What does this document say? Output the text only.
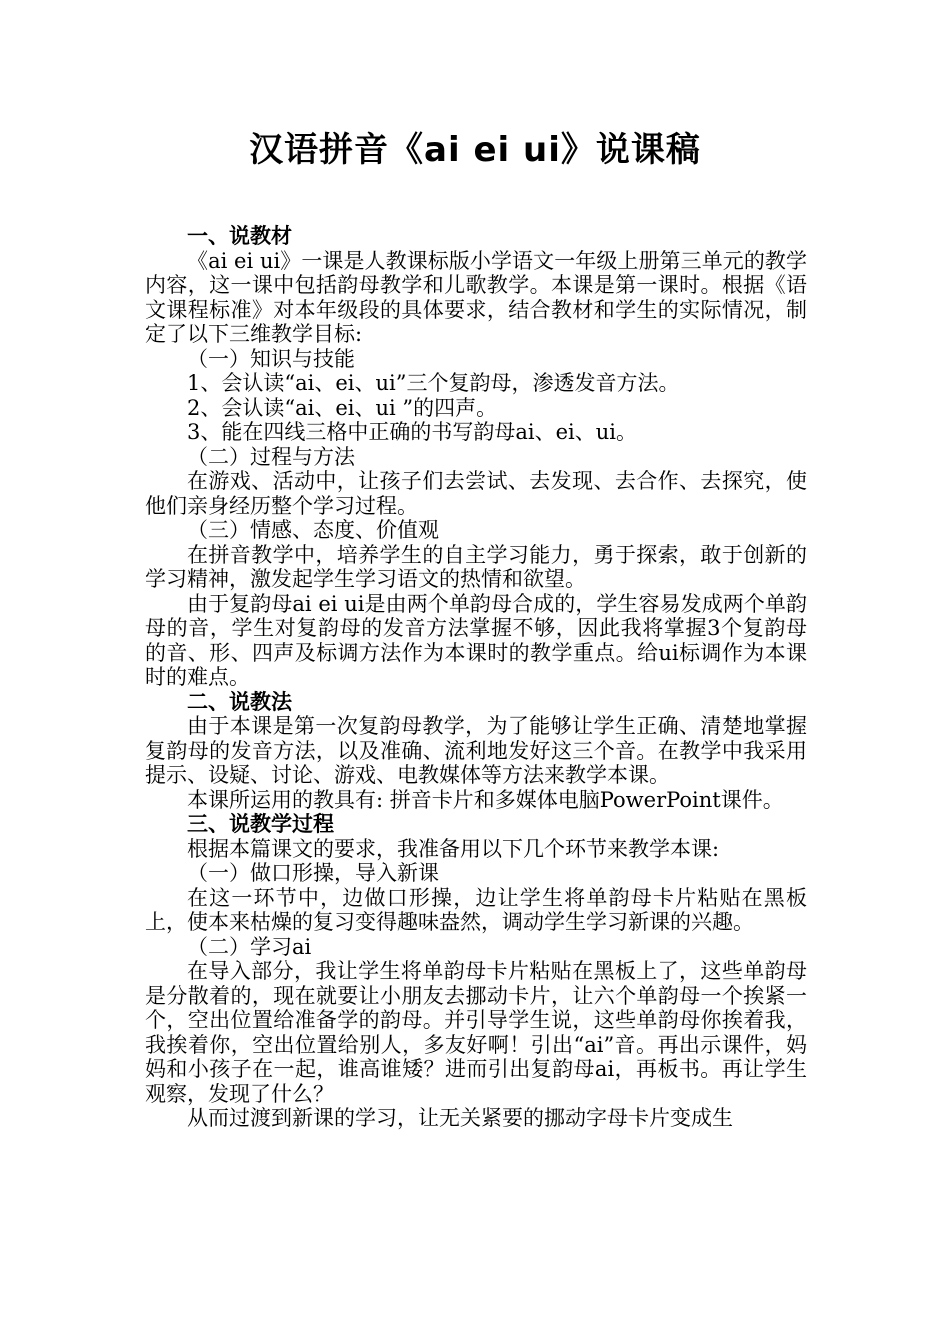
汉语拼音《ai ei ui》说课稿

一、说教材

《ai ei ui》一课是人教课标版小学语文一年级上册第三单元的教学内容，这一课中包括韵母教学和儿歌教学。本课是第一课时。根据《语文课程标准》对本年级段的具体要求，结合教材和学生的实际情况，制定了以下三维教学目标:

（一）知识与技能

1、会认读“ai、ei、ui”三个复韵母，渗透发音方法。

2、会认读“ai、ei、ui ”的四声。

3、能在四线三格中正确的书写韵母ai、ei、ui。

（二）过程与方法

在游戏、活动中，让孩子们去尝试、去发现、去合作、去探究，使他们亲身经历整个学习过程。

（三）情感、态度、价值观

在拼音教学中，培养学生的自主学习能力，勇于探索，敢于创新的学习精神，激发起学生学习语文的热情和欲望。

由于复韵母ai ei ui是由两个单韵母合成的，学生容易发成两个单韵母的音，学生对复韵母的发音方法掌握不够，因此我将掌握3个复韵母的音、形、四声及标调方法作为本课时的教学重点。给ui标调作为本课时的难点。

二、说教法

由于本课是第一次复韵母教学，为了能够让学生正确、清楚地掌握复韵母的发音方法，以及准确、流利地发好这三个音。在教学中我采用提示、设疑、讨论、游戏、电教媒体等方法来教学本课。

本课所运用的教具有: 拼音卡片和多媒体电脑PowerPoint课件。

三、说教学过程

根据本篇课文的要求，我准备用以下几个环节来教学本课:

（一）做口形操，导入新课

在这一环节中，边做口形操，边让学生将单韵母卡片粘贴在黑板上，使本来枯燥的复习变得趣味盎然，调动学生学习新课的兴趣。

（二）学习ai

在导入部分，我让学生将单韵母卡片粘贴在黑板上了，这些单韵母是分散着的，现在就要让小朋友去挪动卡片，让六个单韵母一个挨紧一个，空出位置给准备学的韵母。并引导学生说，这些单韵母你挨着我，我挨着你，空出位置给别人，多友好啊！引出“ai”音。再出示课件，妈妈和小孩子在一起，谁高谁矮？进而引出复韵母ai，再板书。再让学生观察，发现了什么？

从而过渡到新课的学习，让无关紧要的挪动字母卡片变成生
